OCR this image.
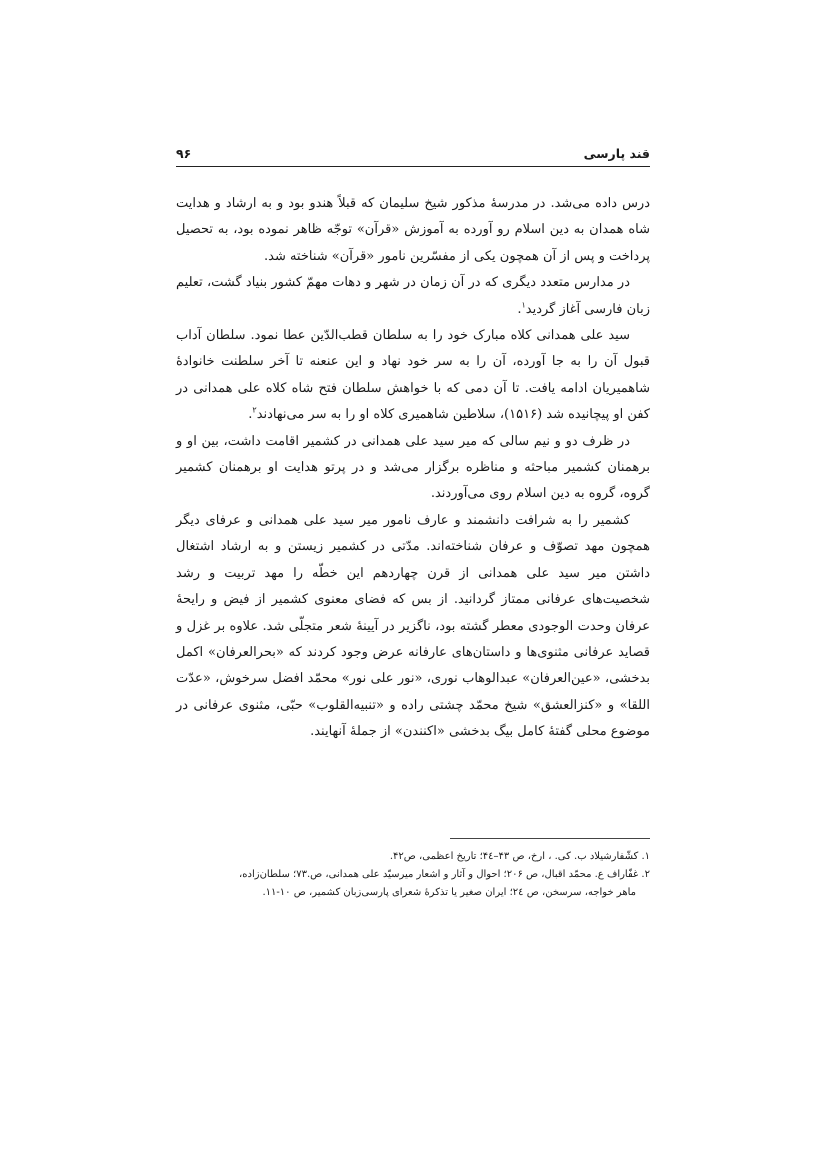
قند پارسی
۹۶

درس داده می‌شد. در مدرسهٔ مذکور شیخ سلیمان که قبلاً هندو بود و به ارشاد و هدایت شاه همدان به دین اسلام رو آورده به آموزش «قرآن» توجّه ظاهر نموده بود، به تحصیل پرداخت و پس از آن همچون یکی از مفسّرین نامور «قرآن» شناخته شد.

در مدارس متعدد دیگری که در آن زمان در شهر و دهات مهمّ کشور بنیاد گشت، تعلیم زبان فارسی آغاز گردید$^۱$.

سید علی همدانی کلاه مبارک خود را به سلطان قطب‌الدّین عطا نمود. سلطان آداب قبول آن را به جا آورده، آن را به سر خود نهاد و این عنعنه تا آخر سلطنت خانوادهٔ شاهمیریان ادامه یافت. تا آن دمی که با خواهش سلطان فتح شاه کلاه علی همدانی در کفن او پیچانیده شد (۱۵۱۶)، سلاطین شاهمیری کلاه او را به سر می‌نهادند$^۲$.

در ظرف دو و نیم سالی که میر سید علی همدانی در کشمیر اقامت داشت، بین او و برهمنان کشمیر مباحثه و مناظره برگزار می‌شد و در پرتو هدایت او برهمنان کشمیر گروه، گروه به دین اسلام روی می‌آوردند.

کشمیر را به شرافت دانشمند و عارف نامور میر سید علی همدانی و عرفای دیگر همچون مهد تصوّف و عرفان شناخته‌اند. مدّتی در کشمیر زیستن و به ارشاد اشتغال داشتن میر سید علی همدانی از قرن چهاردهم این خطّه را مهد تربیت و رشد شخصیت‌های عرفانی ممتاز گردانید. از بس که فضای معنوی کشمیر از فیض و رایحهٔ عرفان وحدت الوجودی معطر گشته بود، ناگزیر در آیینهٔ شعر متجلّی شد. علاوه بر غزل و قصاید عرفانی مثنوی‌ها و داستان‌های عارفانه عرض وجود کردند که «بحرالعرفان» اکمل بدخشی، «عین‌العرفان» عبدالوهاب نوری، «نور علی نور» محمّد افضل سرخوش، «عدّت اللقا» و «کنزالعشق» شیخ محمّد چشتی راده و «تنبیه‌القلوب» حبّی، مثنوی عرفانی در موضوع محلی گفتهٔ کامل بیگ بدخشی «اکنندن» از جملهٔ آنهایند.

۱. کشّفار‌شیلاد ب. کی. ، ارخ، ص ۴۳–۴٤؛ تاریخ اعظمی، ص۴۲.

۲. غفّاراف ع. محمّد اقبال، ص ۲۰۶؛ احوال و آثار و اشعار میرسیّد علی همدانی، ص.۷۳؛ سلطان‌زاده،

ماهر خواجه، سرسخن، ص ٢٤؛ ایران صغیر یا تذکرهٔ شعرای پارسی‌زبان کشمیر، ص ۱۰-۱۱.
